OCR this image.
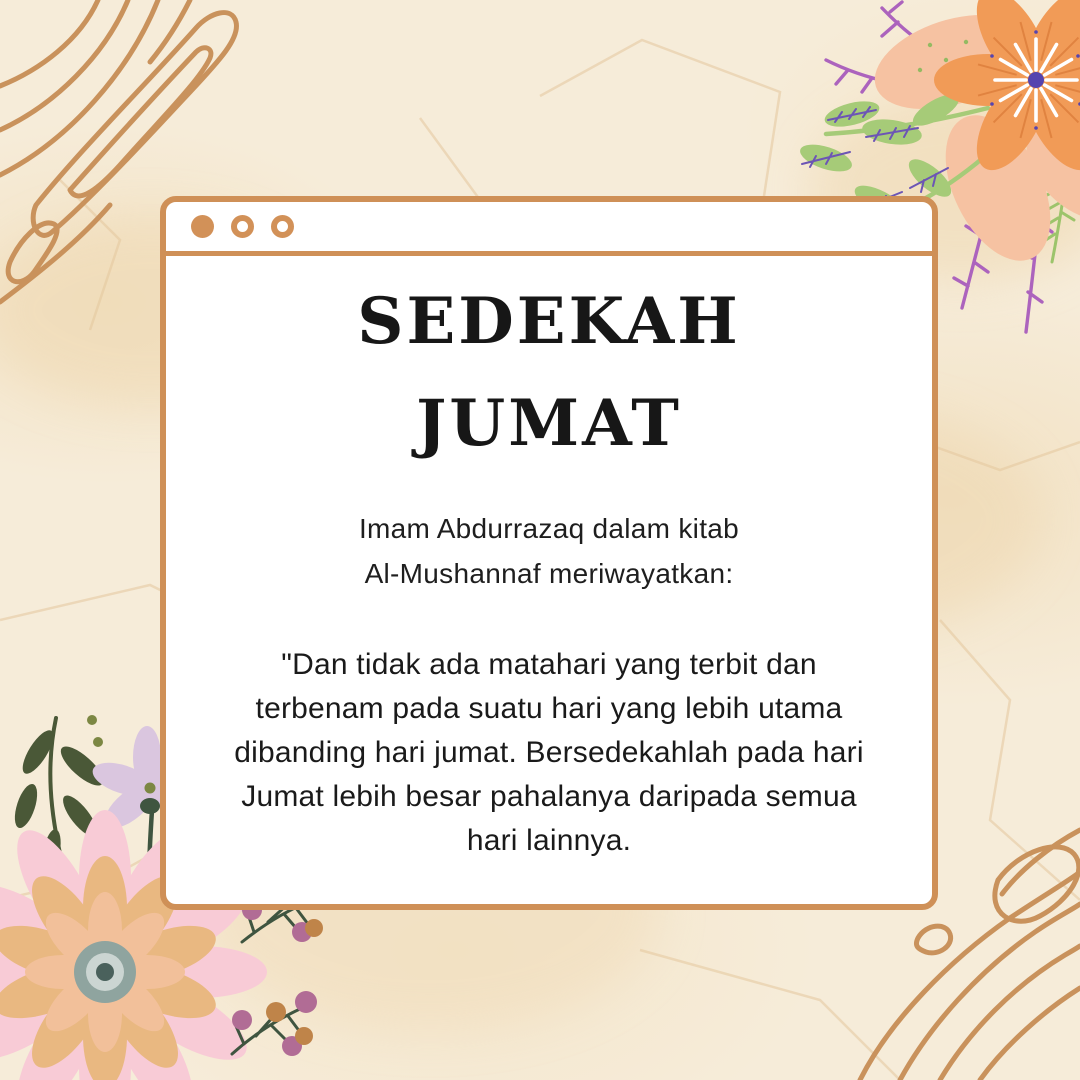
SEDEKAH
JUMAT
Imam Abdurrazaq dalam kitab
Al-Mushannaf meriwayatkan:
"Dan tidak ada matahari yang terbit dan
terbenam pada suatu hari yang lebih utama
dibanding hari jumat. Bersedekahlah pada hari
Jumat lebih besar pahalanya daripada semua
hari lainnya.
